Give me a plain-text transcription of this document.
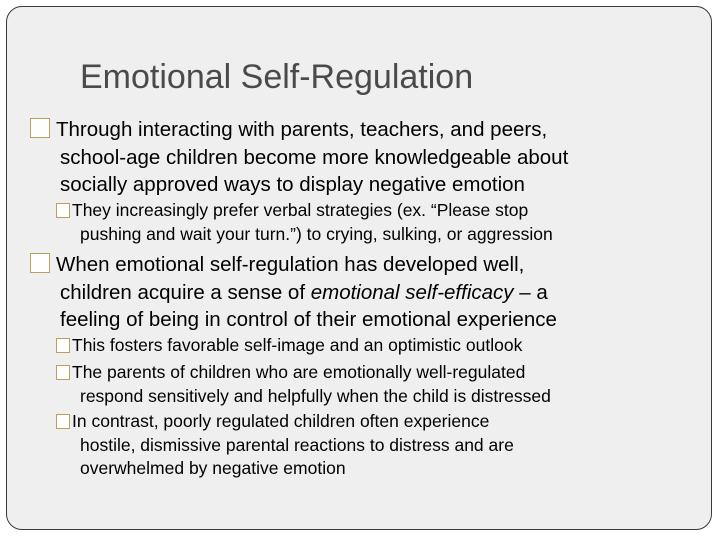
Emotional Self-Regulation
Through interacting with parents, teachers, and peers,
school-age children become more knowledgeable about
socially approved ways to display negative emotion
They increasingly prefer verbal strategies (ex. “Please stop
pushing and wait your turn.”) to crying, sulking, or aggression
When emotional self-regulation has developed well,
children acquire a sense of emotional self-efficacy – a
feeling of being in control of their emotional experience
This fosters favorable self-image and an optimistic outlook
The parents of children who are emotionally well-regulated
respond sensitively and helpfully when the child is distressed
In contrast, poorly regulated children often experience
hostile, dismissive parental reactions to distress and are
overwhelmed by negative emotion
